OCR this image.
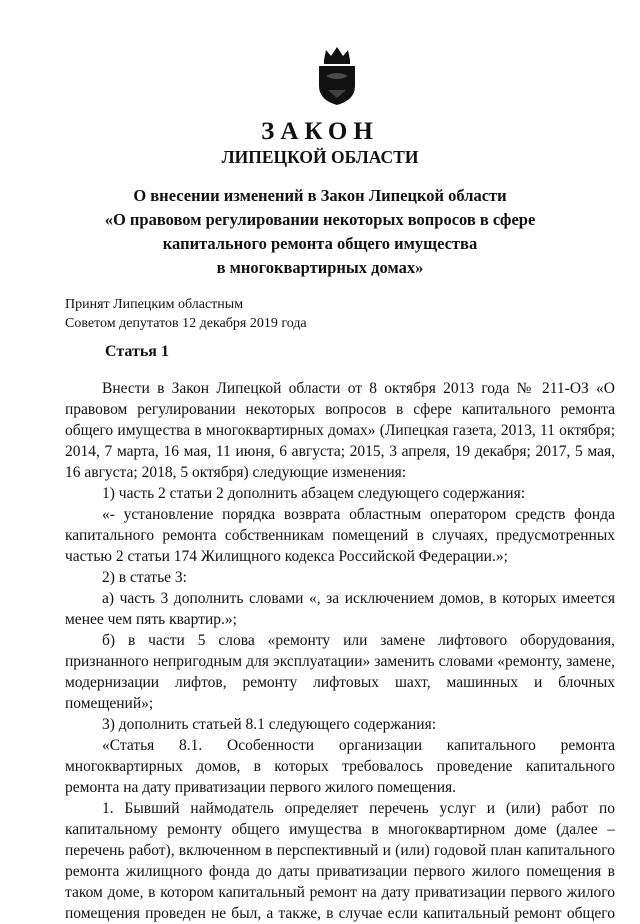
ЗАКОН
ЛИПЕЦКОЙ ОБЛАСТИ
О внесении изменений в Закон Липецкой области
«О правовом регулировании некоторых вопросов в сфере
капитального ремонта общего имущества
в многоквартирных домах»
Принят Липецким областным
Советом депутатов 12 декабря 2019 года
Статья 1

Внести в Закон Липецкой области от 8 октября 2013 года № 211-ОЗ «О правовом регулировании некоторых вопросов в сфере капитального ремонта общего имущества в многоквартирных домах» (Липецкая газета, 2013, 11 октября; 2014, 7 марта, 16 мая, 11 июня, 6 августа; 2015, 3 апреля, 19 декабря; 2017, 5 мая, 16 августа; 2018, 5 октября) следующие изменения:

1) часть 2 статьи 2 дополнить абзацем следующего содержания:

«- установление порядка возврата областным оператором средств фонда капитального ремонта собственникам помещений в случаях, предусмотренных частью 2 статьи 174 Жилищного кодекса Российской Федерации.»;

2) в статье 3:

а) часть 3 дополнить словами «, за исключением домов, в которых имеется менее чем пять квартир.»;

б) в части 5 слова «ремонту или замене лифтового оборудования, признанного непригодным для эксплуатации» заменить словами «ремонту, замене, модернизации лифтов, ремонту лифтовых шахт, машинных и блочных помещений»;

3) дополнить статьей 8.1 следующего содержания:

«Статья 8.1. Особенности организации капитального ремонта многоквартирных домов, в которых требовалось проведение капитального ремонта на дату приватизации первого жилого помещения.

1. Бывший наймодатель определяет перечень услуг и (или) работ по капитальному ремонту общего имущества в многоквартирном доме (далее – перечень работ), включенном в перспективный и (или) годовой план капитального ремонта жилищного фонда до даты приватизации первого жилого помещения в таком доме, в котором капитальный ремонт на дату приватизации первого жилого помещения проведен не был, а также, в случае если капитальный ремонт общего
